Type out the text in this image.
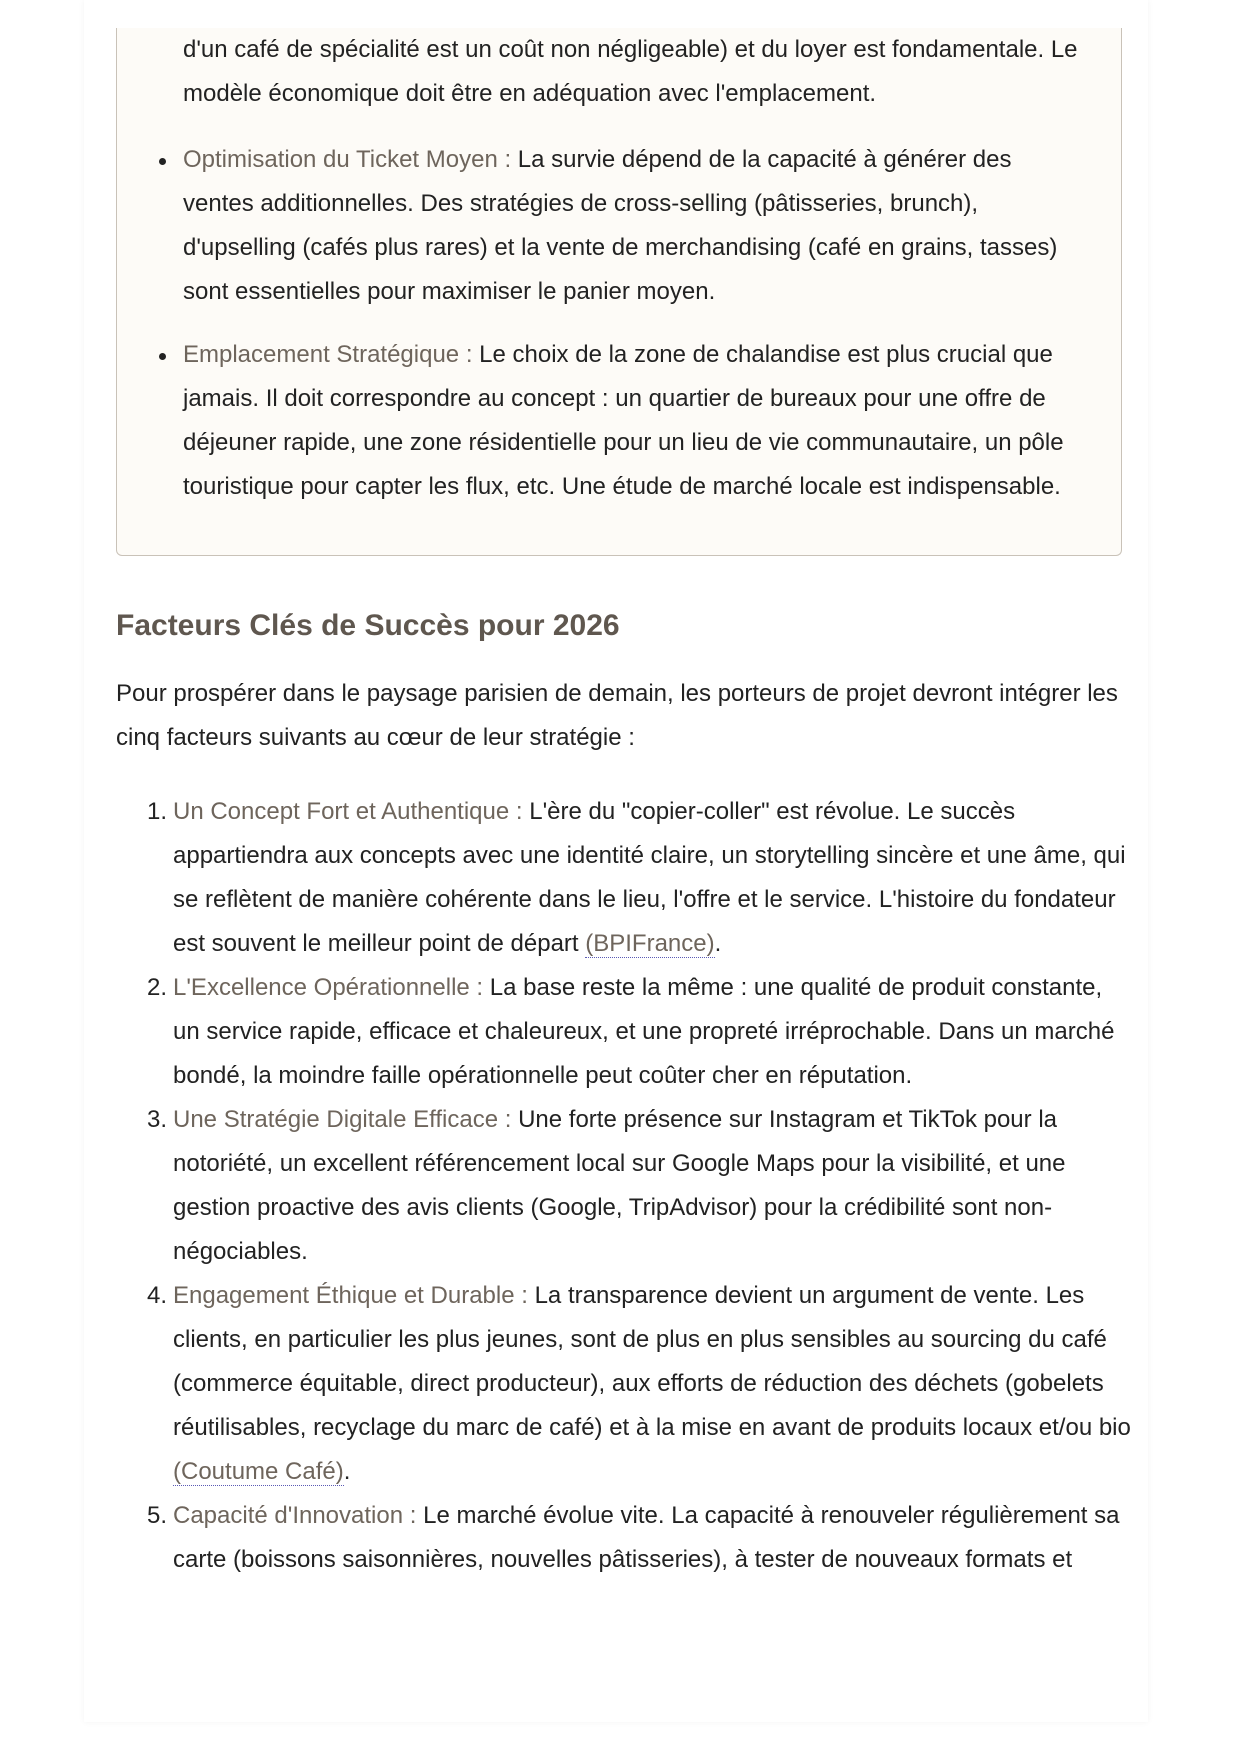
d'un café de spécialité est un coût non négligeable) et du loyer est fondamentale. Le modèle économique doit être en adéquation avec l'emplacement.
Optimisation du Ticket Moyen : La survie dépend de la capacité à générer des ventes additionnelles. Des stratégies de cross-selling (pâtisseries, brunch), d'upselling (cafés plus rares) et la vente de merchandising (café en grains, tasses) sont essentielles pour maximiser le panier moyen.
Emplacement Stratégique : Le choix de la zone de chalandise est plus crucial que jamais. Il doit correspondre au concept : un quartier de bureaux pour une offre de déjeuner rapide, une zone résidentielle pour un lieu de vie communautaire, un pôle touristique pour capter les flux, etc. Une étude de marché locale est indispensable.
Facteurs Clés de Succès pour 2026

Pour prospérer dans le paysage parisien de demain, les porteurs de projet devront intégrer les cinq facteurs suivants au cœur de leur stratégie :

1. Un Concept Fort et Authentique : L'ère du "copier-coller" est révolue. Le succès appartiendra aux concepts avec une identité claire, un storytelling sincère et une âme, qui se reflètent de manière cohérente dans le lieu, l'offre et le service. L'histoire du fondateur est souvent le meilleur point de départ (BPIFrance).
2. L'Excellence Opérationnelle : La base reste la même : une qualité de produit constante, un service rapide, efficace et chaleureux, et une propreté irréprochable. Dans un marché bondé, la moindre faille opérationnelle peut coûter cher en réputation.
3. Une Stratégie Digitale Efficace : Une forte présence sur Instagram et TikTok pour la notoriété, un excellent référencement local sur Google Maps pour la visibilité, et une gestion proactive des avis clients (Google, TripAdvisor) pour la crédibilité sont non-négociables.
4. Engagement Éthique et Durable : La transparence devient un argument de vente. Les clients, en particulier les plus jeunes, sont de plus en plus sensibles au sourcing du café (commerce équitable, direct producteur), aux efforts de réduction des déchets (gobelets réutilisables, recyclage du marc de café) et à la mise en avant de produits locaux et/ou bio (Coutume Café).
5. Capacité d'Innovation : Le marché évolue vite. La capacité à renouveler régulièrement sa carte (boissons saisonnières, nouvelles pâtisseries), à tester de nouveaux formats et
